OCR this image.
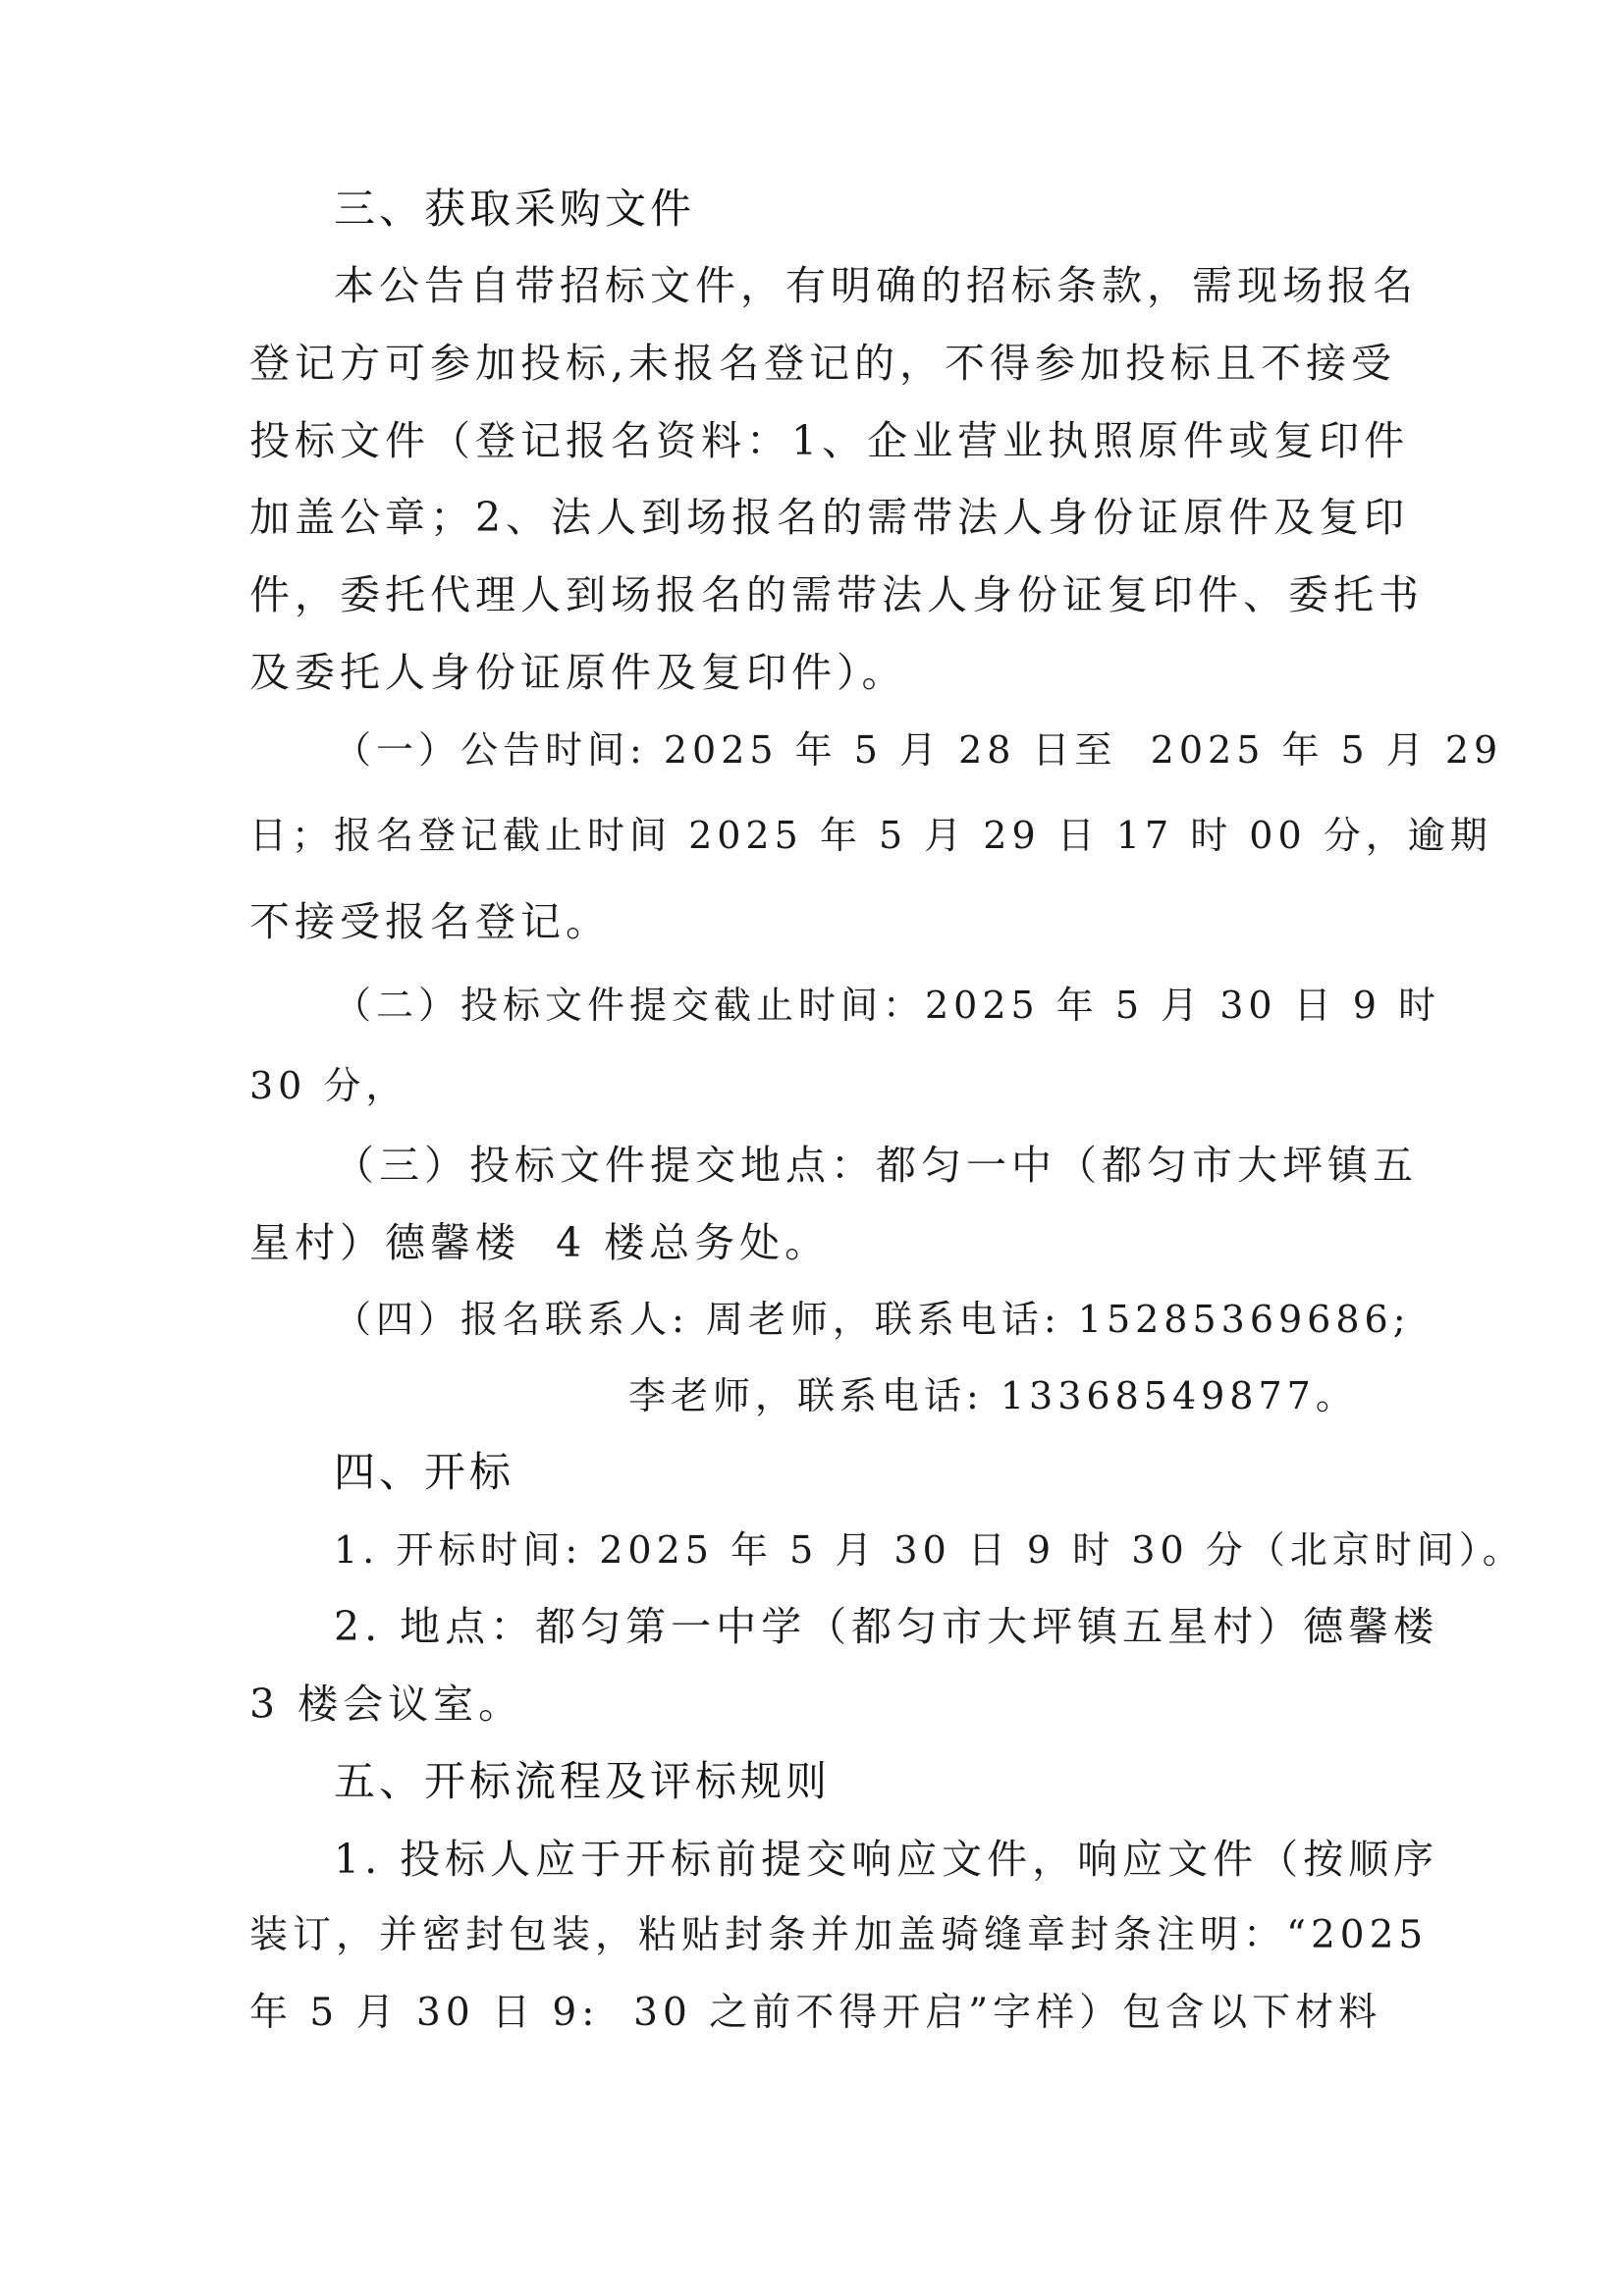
三、获取采购文件
本公告自带招标文件，有明确的招标条款，需现场报名
登记方可参加投标,未报名登记的，不得参加投标且不接受
投标文件（登记报名资料：1、企业营业执照原件或复印件
加盖公章；2、法人到场报名的需带法人身份证原件及复印
件，委托代理人到场报名的需带法人身份证复印件、委托书
及委托人身份证原件及复印件）。
（一）公告时间: 2025 年 5 月 28 日至  2025 年 5 月 29
日；报名登记截止时间 2025 年 5 月 29 日 17 时 00 分，逾期
不接受报名登记。
（二）投标文件提交截止时间：2025 年 5 月 30 日 9 时
30 分，
（三）投标文件提交地点：都匀一中（都匀市大坪镇五
星村）德馨楼  4 楼总务处。
（四）报名联系人: 周老师，联系电话: 15285369686;
李老师，联系电话: 13368549877。
四、开标
1. 开标时间: 2025 年 5 月 30 日 9 时 30 分（北京时间）。
2. 地点：都匀第一中学（都匀市大坪镇五星村）德馨楼
3 楼会议室。
五、开标流程及评标规则
1. 投标人应于开标前提交响应文件，响应文件（按顺序
装订，并密封包装，粘贴封条并加盖骑缝章封条注明：“2025
年 5 月 30 日 9:  30 之前不得开启”字样）包含以下材料
